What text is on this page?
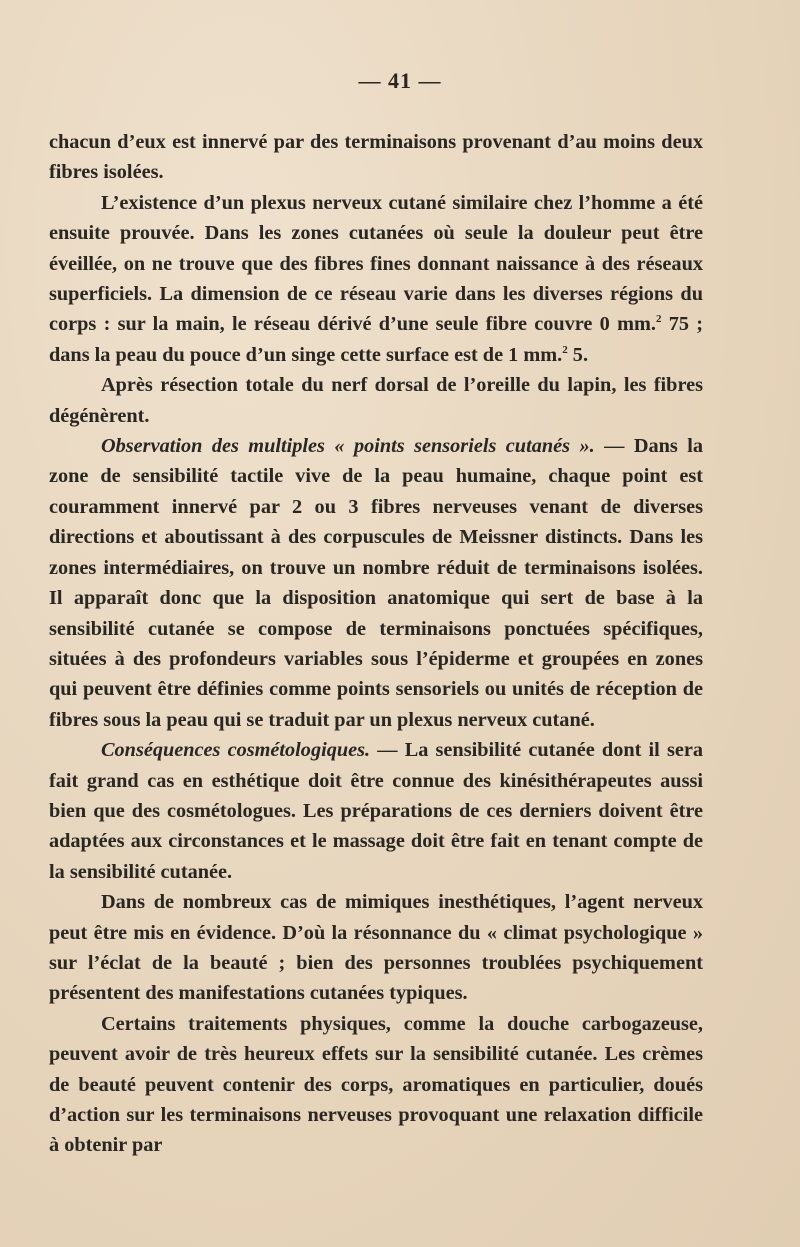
— 41 —

chacun d’eux est innervé par des terminaisons provenant d’au moins deux fibres isolées.

L’existence d’un plexus nerveux cutané similaire chez l’homme a été ensuite prouvée. Dans les zones cutanées où seule la douleur peut être éveillée, on ne trouve que des fibres fines donnant naissance à des réseaux superficiels. La dimension de ce réseau varie dans les diverses régions du corps : sur la main, le réseau dérivé d’une seule fibre couvre 0 mm.$^2$ 75 ; dans la peau du pouce d’un singe cette surface est de 1 mm.$^2$ 5.

Après résection totale du nerf dorsal de l’oreille du lapin, les fibres dégénèrent.

Observation des multiples « points sensoriels cutanés ». — Dans la zone de sensibilité tactile vive de la peau humaine, chaque point est couramment innervé par 2 ou 3 fibres nerveuses venant de diverses directions et aboutissant à des corpuscules de Meissner distincts. Dans les zones intermédiaires, on trouve un nombre réduit de terminaisons isolées. Il apparaît donc que la disposition anatomique qui sert de base à la sensibilité cutanée se compose de terminaisons ponctuées spécifiques, situées à des profondeurs variables sous l’épiderme et groupées en zones qui peuvent être définies comme points sensoriels ou unités de réception de fibres sous la peau qui se traduit par un plexus nerveux cutané.

Conséquences cosmétologiques. — La sensibilité cutanée dont il sera fait grand cas en esthétique doit être connue des kinésithérapeutes aussi bien que des cosmétologues. Les préparations de ces derniers doivent être adaptées aux circonstances et le massage doit être fait en tenant compte de la sensibilité cutanée.

Dans de nombreux cas de mimiques inesthétiques, l’agent nerveux peut être mis en évidence. D’où la résonnance du « climat psychologique » sur l’éclat de la beauté ; bien des personnes troublées psychiquement présentent des manifestations cutanées typiques.

Certains traitements physiques, comme la douche carbogazeuse, peuvent avoir de très heureux effets sur la sensibilité cutanée. Les crèmes de beauté peuvent contenir des corps, aromatiques en particulier, doués d’action sur les terminaisons nerveuses provoquant une relaxation difficile à obtenir par
